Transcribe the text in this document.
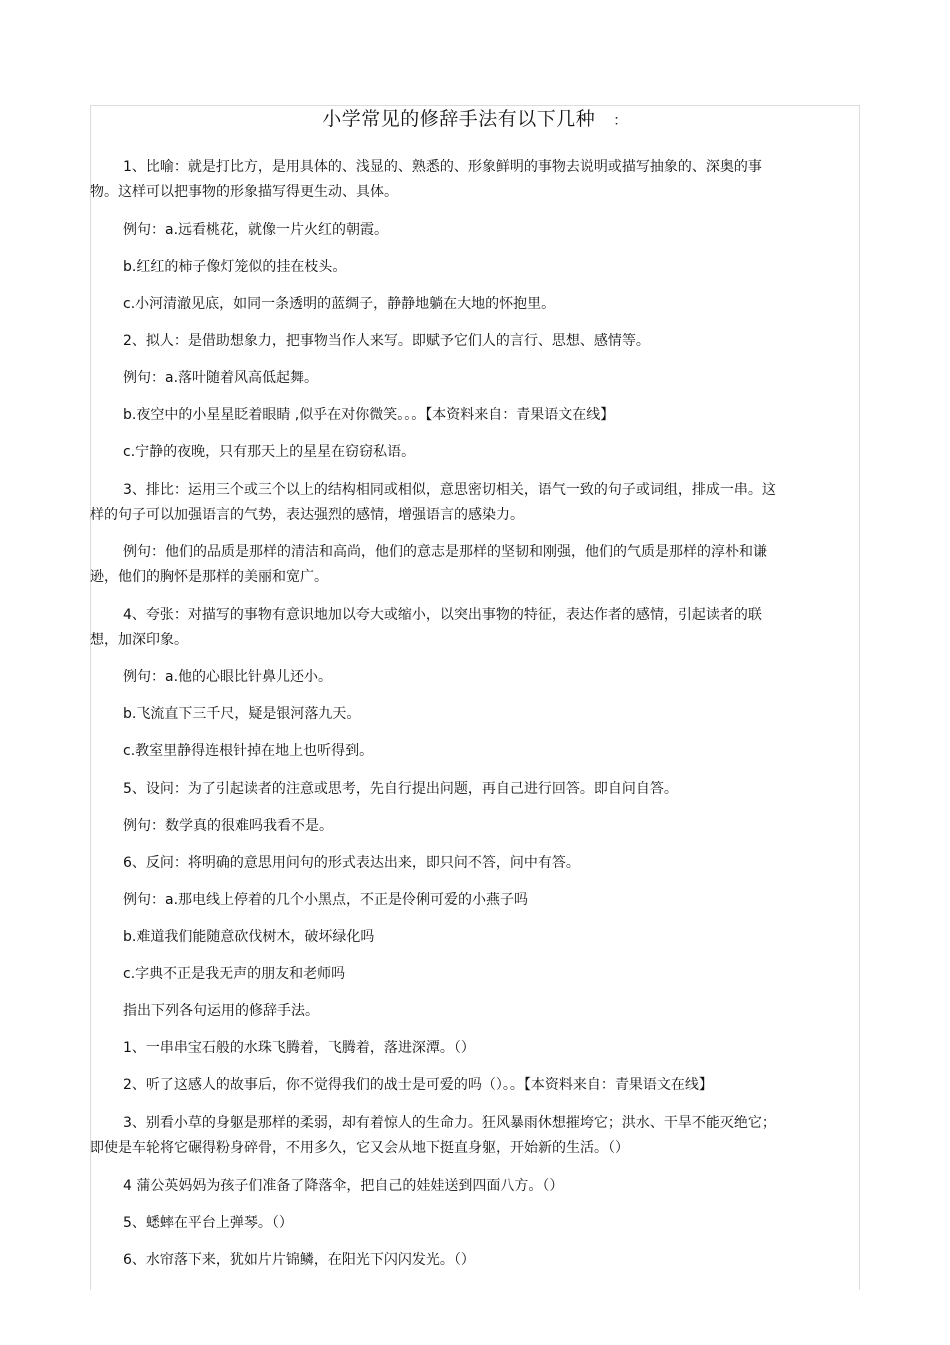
小学常见的修辞手法有以下几种 ：

1、比喻：就是打比方，是用具体的、浅显的、熟悉的、形象鲜明的事物去说明或描写抽象的、深奥的事物。这样可以把事物的形象描写得更生动、具体。

例句：a.远看桃花，就像一片火红的朝霞。

b.红红的柿子像灯笼似的挂在枝头。

c.小河清澈见底，如同一条透明的蓝绸子，静静地躺在大地的怀抱里。

2、拟人：是借助想象力，把事物当作人来写。即赋予它们人的言行、思想、感情等。

例句：a.落叶随着风高低起舞。

b.夜空中的小星星眨着眼睛 ,似乎在对你微笑。。。【本资料来自：青果语文在线】

c.宁静的夜晚，只有那天上的星星在窃窃私语。

3、排比：运用三个或三个以上的结构相同或相似，意思密切相关，语气一致的句子或词组，排成一串。这样的句子可以加强语言的气势，表达强烈的感情，增强语言的感染力。

例句：他们的品质是那样的清洁和高尚，他们的意志是那样的坚韧和刚强，他们的气质是那样的淳朴和谦逊，他们的胸怀是那样的美丽和宽广。

4、夸张：对描写的事物有意识地加以夸大或缩小，以突出事物的特征，表达作者的感情，引起读者的联想，加深印象。

例句：a.他的心眼比针鼻儿还小。

b.飞流直下三千尺，疑是银河落九天。

c.教室里静得连根针掉在地上也听得到。

5、设问：为了引起读者的注意或思考，先自行提出问题，再自己进行回答。即自问自答。

例句：数学真的很难吗我看不是。

6、反问：将明确的意思用问句的形式表达出来，即只问不答，问中有答。

例句：a.那电线上停着的几个小黑点，不正是伶俐可爱的小燕子吗

b.难道我们能随意砍伐树木，破坏绿化吗

c.字典不正是我无声的朋友和老师吗

指出下列各句运用的修辞手法。

1、一串串宝石般的水珠飞腾着，飞腾着，落进深潭。（）

2、听了这感人的故事后，你不觉得我们的战士是可爱的吗（）。。【本资料来自：青果语文在线】

3、别看小草的身躯是那样的柔弱，却有着惊人的生命力。狂风暴雨休想摧垮它；洪水、干旱不能灭绝它；即使是车轮将它碾得粉身碎骨，不用多久，它又会从地下挺直身躯，开始新的生活。（）

4 蒲公英妈妈为孩子们准备了降落伞，把自己的娃娃送到四面八方。（）

5、蟋蟀在平台上弹琴。（）

6、水帘落下来，犹如片片锦鳞，在阳光下闪闪发光。（）
